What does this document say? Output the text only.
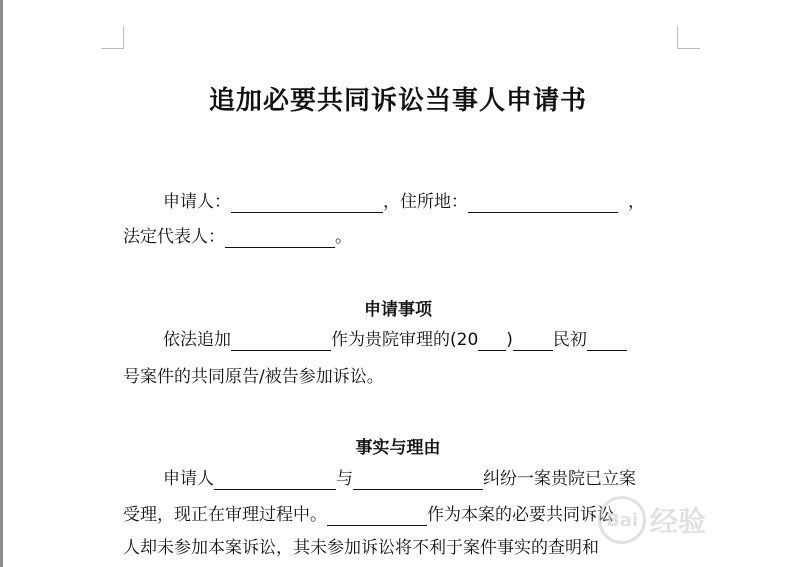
追加必要共同诉讼当事人申请书
申请人：	，住所地：	，
法定代表人：	。
申请事项
依法追加	作为贵院审理的(20 ) 民初
号案件的共同原告/被告参加诉讼。
事实与理由
申请人	与	纠纷一案贵院已立案
受理，现正在审理过程中。	作为本案的必要共同诉讼
人却未参加本案诉讼，其未参加诉讼将不利于案件事实的查明和
Bai 经验
